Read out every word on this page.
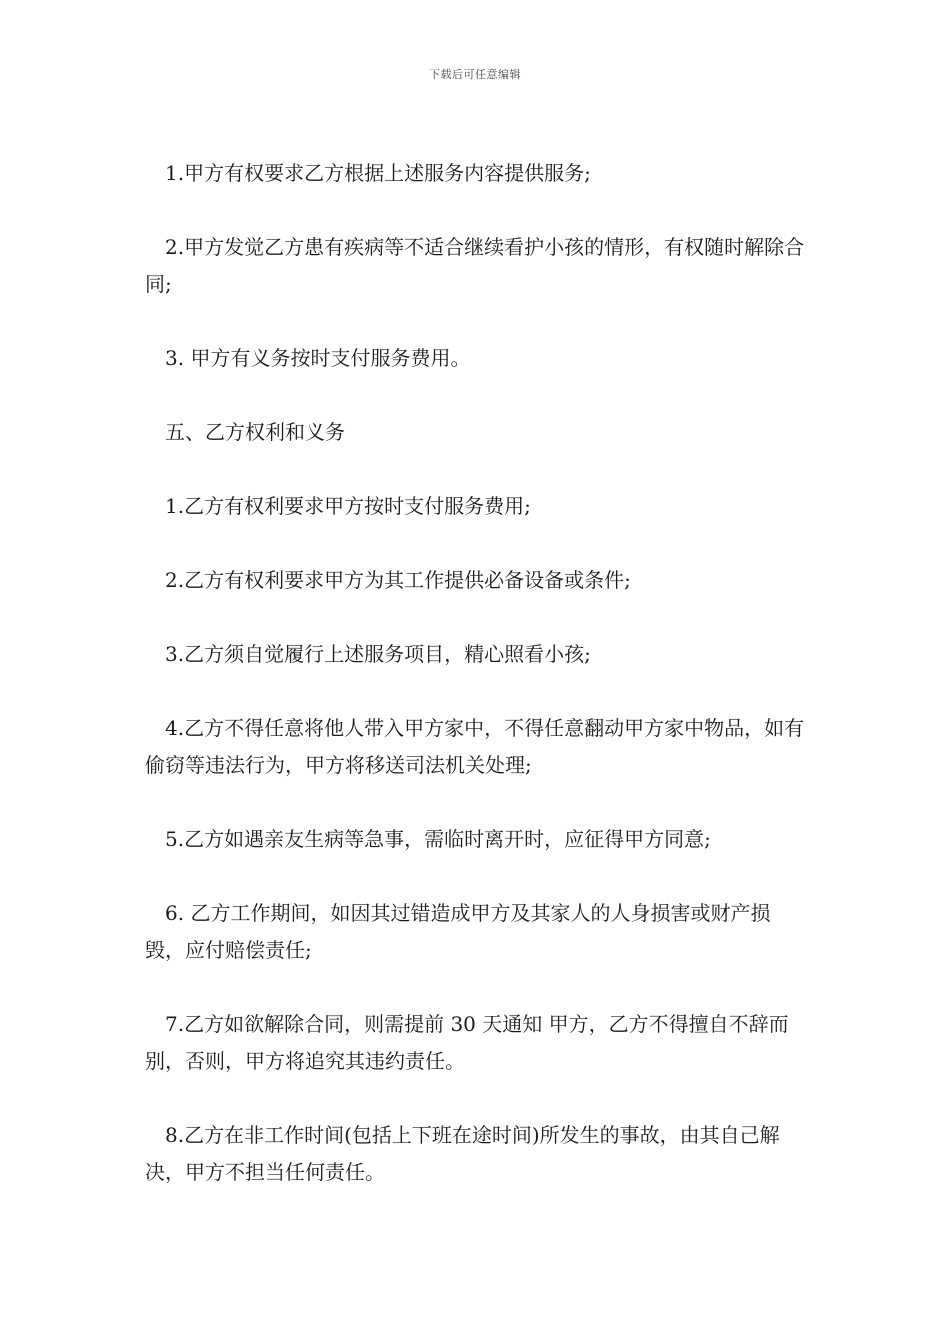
下载后可任意编辑

1.甲方有权要求乙方根据上述服务内容提供服务;

2.甲方发觉乙方患有疾病等不适合继续看护小孩的情形，有权随时解除合同;

3. 甲方有义务按时支付服务费用。

五、乙方权利和义务

1.乙方有权利要求甲方按时支付服务费用;

2.乙方有权利要求甲方为其工作提供必备设备或条件;

3.乙方须自觉履行上述服务项目，精心照看小孩;

4.乙方不得任意将他人带入甲方家中，不得任意翻动甲方家中物品，如有偷窃等违法行为，甲方将移送司法机关处理;

5.乙方如遇亲友生病等急事，需临时离开时，应征得甲方同意;

6. 乙方工作期间，如因其过错造成甲方及其家人的人身损害或财产损毁，应付赔偿责任;

7.乙方如欲解除合同，则需提前 30 天通知 甲方，乙方不得擅自不辞而别，否则，甲方将追究其违约责任。

8.乙方在非工作时间(包括上下班在途时间)所发生的事故，由其自己解决，甲方不担当任何责任。
